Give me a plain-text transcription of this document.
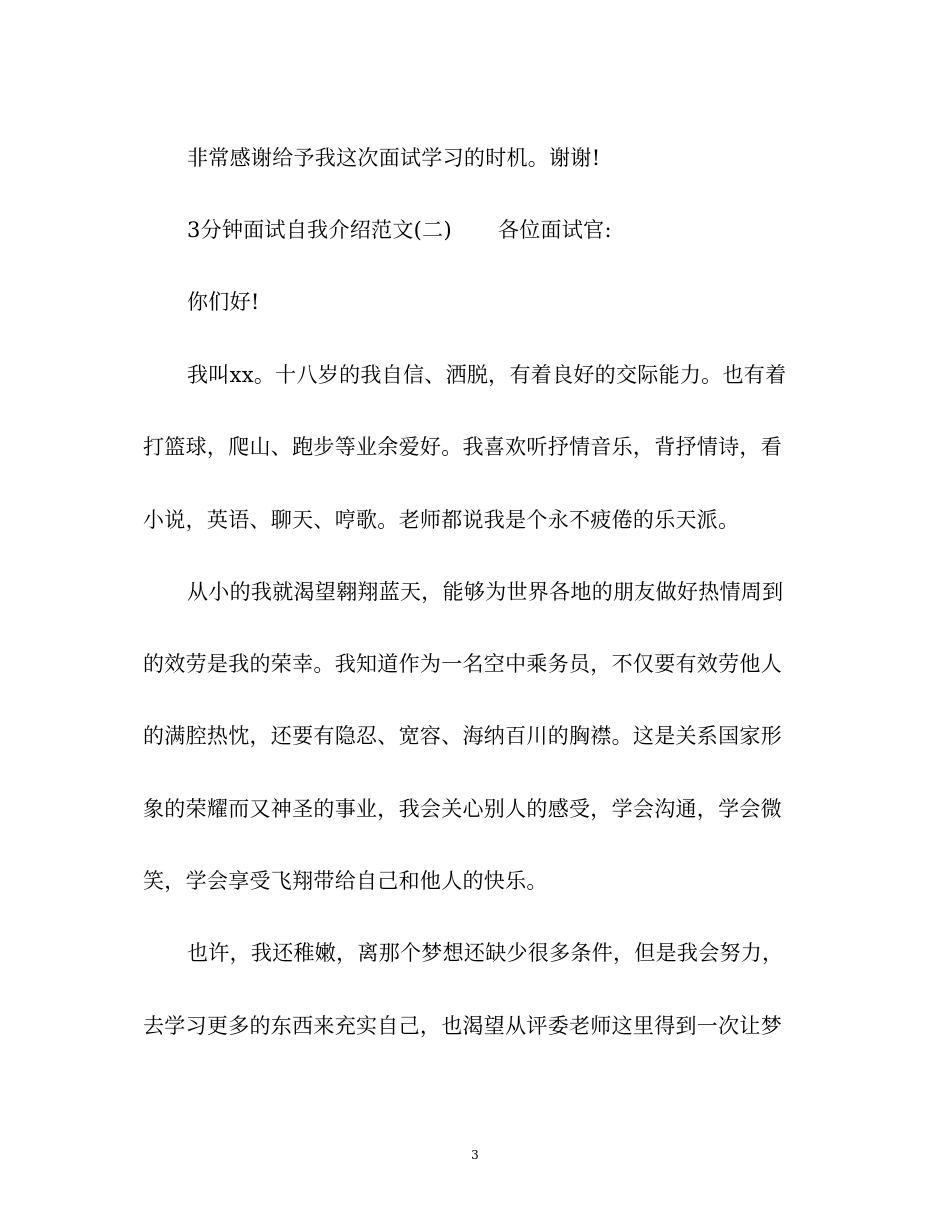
非常感谢给予我这次面试学习的时机。谢谢!
3分钟面试自我介绍范文(二) 各位面试官:
你们好!
我叫xx。十八岁的我自信、洒脱，有着良好的交际能力。也有着
打篮球，爬山、跑步等业余爱好。我喜欢听抒情音乐，背抒情诗，看
小说，英语、聊天、哼歌。老师都说我是个永不疲倦的乐天派。
从小的我就渴望翱翔蓝天，能够为世界各地的朋友做好热情周到
的效劳是我的荣幸。我知道作为一名空中乘务员，不仅要有效劳他人
的满腔热忱，还要有隐忍、宽容、海纳百川的胸襟。这是关系国家形
象的荣耀而又神圣的事业，我会关心别人的感受，学会沟通，学会微
笑，学会享受飞翔带给自己和他人的快乐。
也许，我还稚嫩，离那个梦想还缺少很多条件，但是我会努力，
去学习更多的东西来充实自己，也渴望从评委老师这里得到一次让梦
3
